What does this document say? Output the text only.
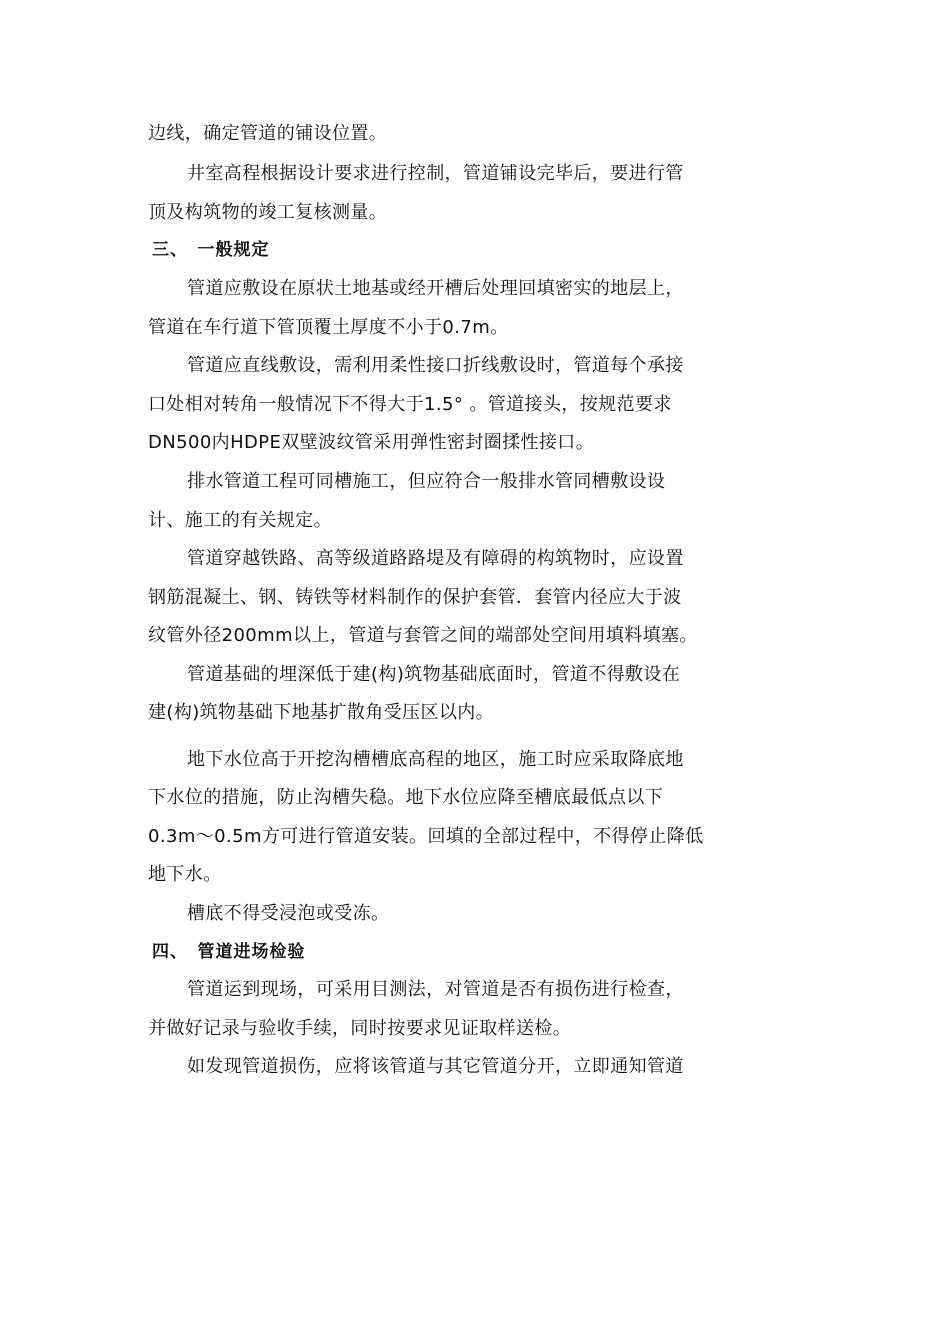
边线，确定管道的铺设位置。
井室高程根据设计要求进行控制，管道铺设完毕后，要进行管
顶及构筑物的竣工复核测量。
三、　一般规定
管道应敷设在原状土地基或经开槽后处理回填密实的地层上，
管道在车行道下管顶覆土厚度不小于0.7m。
管道应直线敷设，需利用柔性接口折线敷设时，管道每个承接
口处相对转角一般情况下不得大于1.5° 。管道接头，按规范要求
DN500内HDPE双壁波纹管采用弹性密封圈揉性接口。
排水管道工程可同槽施工，但应符合一般排水管同槽敷设设
计、施工的有关规定。
管道穿越铁路、高等级道路路堤及有障碍的构筑物时，应设置
钢筋混凝土、钢、铸铁等材料制作的保护套管．套管内径应大于波
纹管外径200mm以上，管道与套管之间的端部处空间用填料填塞。
管道基础的埋深低于建(构)筑物基础底面时，管道不得敷设在
建(构)筑物基础下地基扩散角受压区以内。
地下水位高于开挖沟槽槽底高程的地区，施工时应采取降底地
下水位的措施，防止沟槽失稳。地下水位应降至槽底最低点以下
0.3m～0.5m方可进行管道安装。回填的全部过程中，不得停止降低
地下水。
槽底不得受浸泡或受冻。
四、　管道进场检验
管道运到现场，可采用目测法，对管道是否有损伤进行检查，
并做好记录与验收手续，同时按要求见证取样送检。
如发现管道损伤，应将该管道与其它管道分开，立即通知管道
